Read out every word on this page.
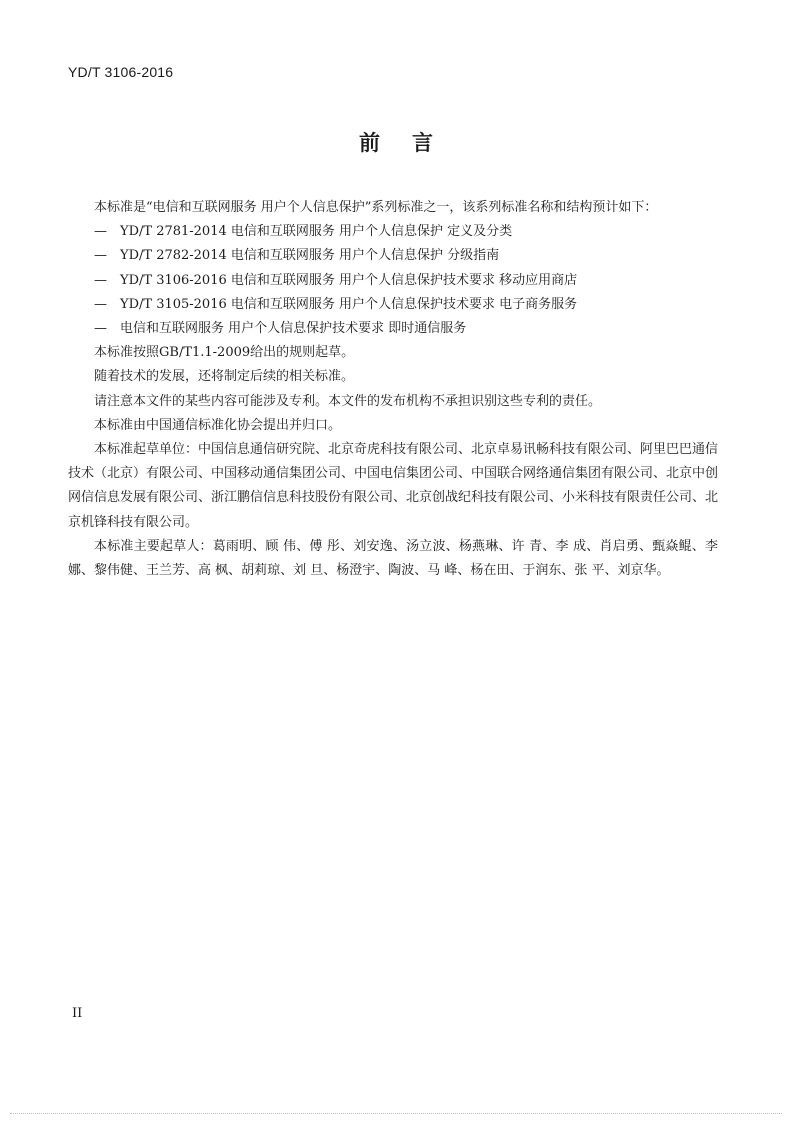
YD/T 3106-2016
前 言

本标准是“电信和互联网服务 用户个人信息保护”系列标准之一，该系列标准名称和结构预计如下：

— YD/T 2781-2014 电信和互联网服务 用户个人信息保护 定义及分类
— YD/T 2782-2014 电信和互联网服务 用户个人信息保护 分级指南
— YD/T 3106-2016 电信和互联网服务 用户个人信息保护技术要求 移动应用商店
— YD/T 3105-2016 电信和互联网服务 用户个人信息保护技术要求 电子商务服务
— 电信和互联网服务 用户个人信息保护技术要求 即时通信服务

本标准按照GB/T1.1-2009给出的规则起草。

随着技术的发展，还将制定后续的相关标准。

请注意本文件的某些内容可能涉及专利。本文件的发布机构不承担识别这些专利的责任。

本标准由中国通信标准化协会提出并归口。

本标准起草单位：中国信息通信研究院、北京奇虎科技有限公司、北京卓易讯畅科技有限公司、阿里巴巴通信技术（北京）有限公司、中国移动通信集团公司、中国电信集团公司、中国联合网络通信集团有限公司、北京中创网信信息发展有限公司、浙江鹏信信息科技股份有限公司、北京创战纪科技有限公司、小米科技有限责任公司、北京机锋科技有限公司。

本标准主要起草人：葛雨明、顾 伟、傅 彤、刘安逸、汤立波、杨燕琳、许 青、李 成、肖启勇、甄焱鲲、李 娜、黎伟健、王兰芳、高 枫、胡莉琼、刘 旦、杨澄宇、陶波、马 峰、杨在田、于润东、张 平、刘京华。

II
